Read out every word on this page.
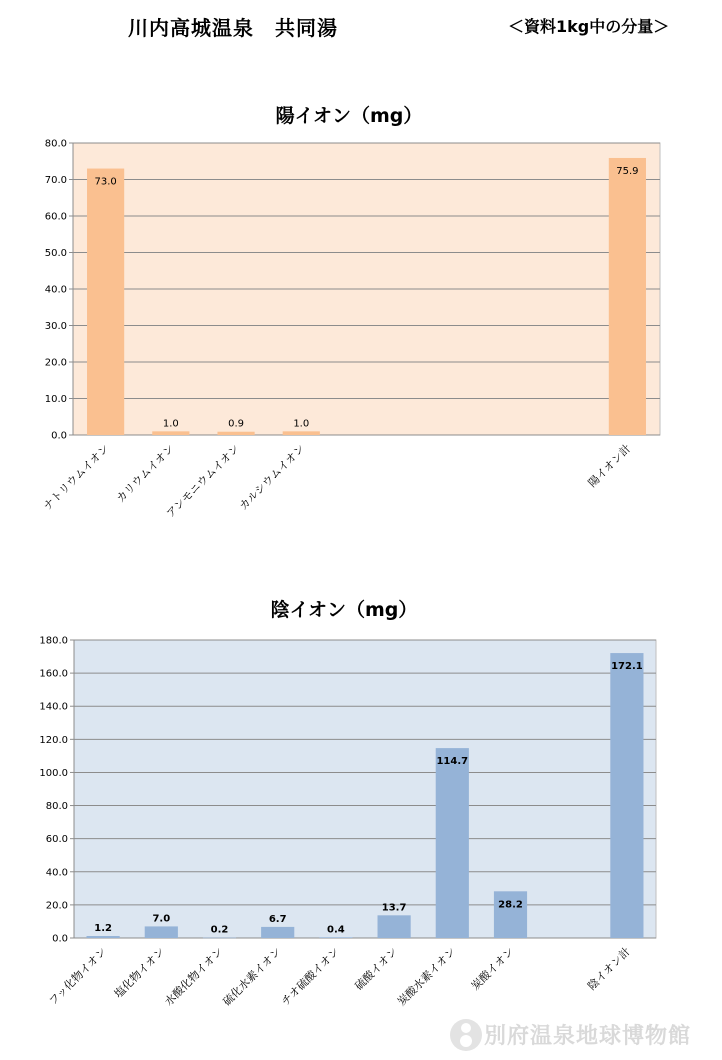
川内高城温泉　共同湯	＜資料1kg中の分量＞
陽イオン（mg）
0.0
10.0
20.0
30.0
40.0
50.0
60.0
70.0
80.0
73.0
ナトリウムイオン
1.0
カリウムイオン
0.9
アンモニウムイオン
1.0
カルシウムイオン
75.9
陽イオン計
陰イオン（mg）
0.0
20.0
40.0
60.0
80.0
100.0
120.0
140.0
160.0
180.0
1.2
フッ化物イオン
7.0
塩化物イオン
0.2
水酸化物イオン
6.7
硫化水素イオン
0.4
チオ硫酸イオン
13.7
硫酸イオン
114.7
炭酸水素イオン
28.2
炭酸イオン
172.1
陰イオン計
別府温泉地球博物館
